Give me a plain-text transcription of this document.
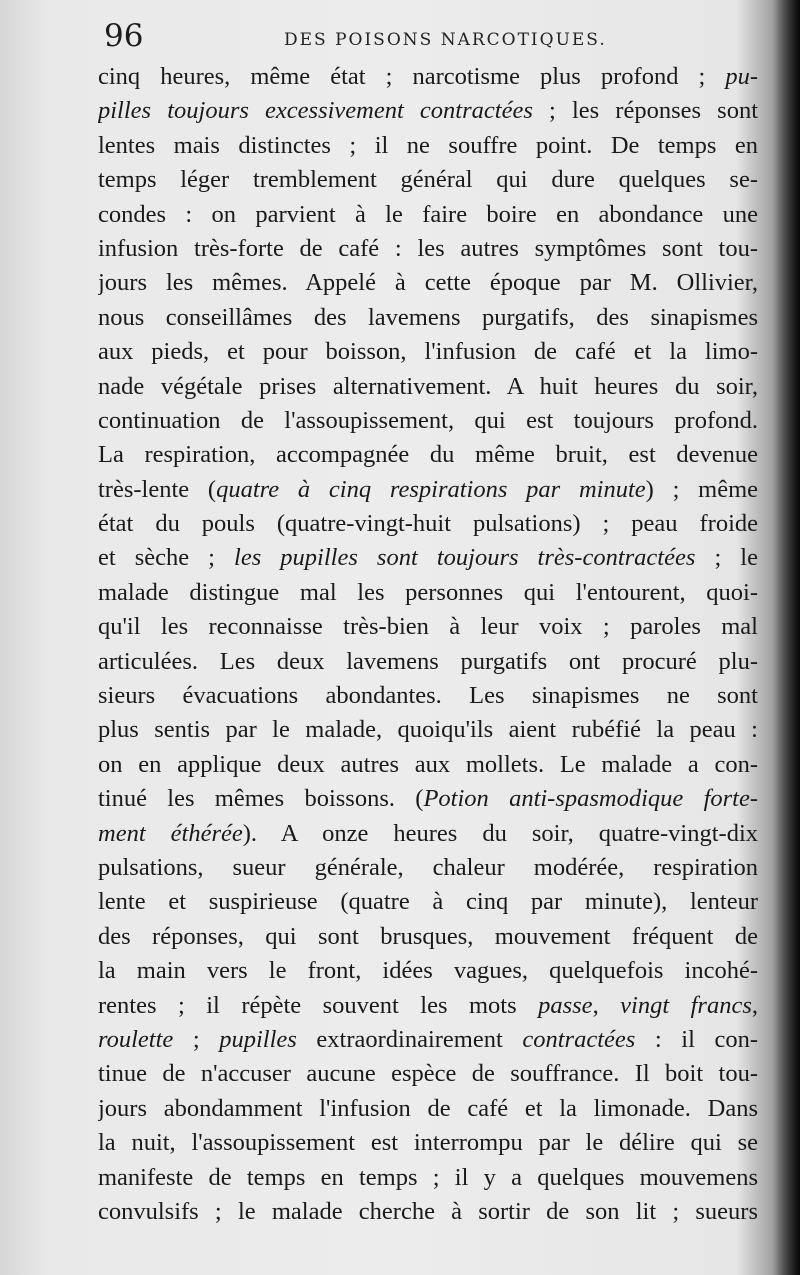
96	DES POISONS NARCOTIQUES.
cinq heures, même état ; narcotisme plus profond ; pu-
pilles toujours excessivement contractées ; les réponses sont
lentes mais distinctes ; il ne souffre point. De temps en
temps léger tremblement général qui dure quelques se-
condes : on parvient à le faire boire en abondance une
infusion très-forte de café : les autres symptômes sont tou-
jours les mêmes. Appelé à cette époque par M. Ollivier,
nous conseillâmes des lavemens purgatifs, des sinapismes
aux pieds, et pour boisson, l'infusion de café et la limo-
nade végétale prises alternativement. A huit heures du soir,
continuation de l'assoupissement, qui est toujours profond.
La respiration, accompagnée du même bruit, est devenue
très-lente (quatre à cinq respirations par minute) ; même
état du pouls (quatre-vingt-huit pulsations) ; peau froide
et sèche ; les pupilles sont toujours très-contractées ; le
malade distingue mal les personnes qui l'entourent, quoi-
qu'il les reconnaisse très-bien à leur voix ; paroles mal
articulées. Les deux lavemens purgatifs ont procuré plu-
sieurs évacuations abondantes. Les sinapismes ne sont
plus sentis par le malade, quoiqu'ils aient rubéfié la peau :
on en applique deux autres aux mollets. Le malade a con-
tinué les mêmes boissons. (Potion anti-spasmodique forte-
ment éthérée). A onze heures du soir, quatre-vingt-dix
pulsations, sueur générale, chaleur modérée, respiration
lente et suspirieuse (quatre à cinq par minute), lenteur
des réponses, qui sont brusques, mouvement fréquent de
la main vers le front, idées vagues, quelquefois incohé-
rentes ; il répète souvent les mots passe, vingt francs,
roulette ; pupilles extraordinairement contractées : il con-
tinue de n'accuser aucune espèce de souffrance. Il boit tou-
jours abondamment l'infusion de café et la limonade. Dans
la nuit, l'assoupissement est interrompu par le délire qui se
manifeste de temps en temps ; il y a quelques mouvemens
convulsifs ; le malade cherche à sortir de son lit ; sueurs
